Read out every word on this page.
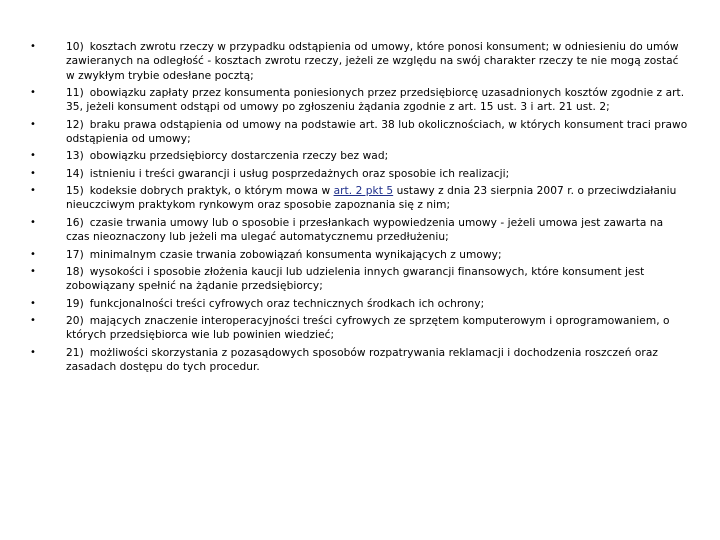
•	10) kosztach zwrotu rzeczy w przypadku odstąpienia od umowy, które ponosi konsument; w odniesieniu do umów zawieranych na odległość - kosztach zwrotu rzeczy, jeżeli ze względu na swój charakter rzeczy te nie mogą zostać w zwykłym trybie odesłane pocztą;
•	11) obowiązku zapłaty przez konsumenta poniesionych przez przedsiębiorcę uzasadnionych kosztów zgodnie z art. 35, jeżeli konsument odstąpi od umowy po zgłoszeniu żądania zgodnie z art. 15 ust. 3 i art. 21 ust. 2;
•	12) braku prawa odstąpienia od umowy na podstawie art. 38 lub okolicznościach, w których konsument traci prawo odstąpienia od umowy;
•	13) obowiązku przedsiębiorcy dostarczenia rzeczy bez wad;
•	14) istnieniu i treści gwarancji i usług posprzedażnych oraz sposobie ich realizacji;
•	15) kodeksie dobrych praktyk, o którym mowa w art. 2 pkt 5 ustawy z dnia 23 sierpnia 2007 r. o przeciwdziałaniu nieuczciwym praktykom rynkowym oraz sposobie zapoznania się z nim;
•	16) czasie trwania umowy lub o sposobie i przesłankach wypowiedzenia umowy - jeżeli umowa jest zawarta na czas nieoznaczony lub jeżeli ma ulegać automatycznemu przedłużeniu;
•	17) minimalnym czasie trwania zobowiązań konsumenta wynikających z umowy;
•	18) wysokości i sposobie złożenia kaucji lub udzielenia innych gwarancji finansowych, które konsument jest zobowiązany spełnić na żądanie przedsiębiorcy;
•	19) funkcjonalności treści cyfrowych oraz technicznych środkach ich ochrony;
•	20) mających znaczenie interoperacyjności treści cyfrowych ze sprzętem komputerowym i oprogramowaniem, o których przedsiębiorca wie lub powinien wiedzieć;
•	21) możliwości skorzystania z pozasądowych sposobów rozpatrywania reklamacji i dochodzenia roszczeń oraz zasadach dostępu do tych procedur.
